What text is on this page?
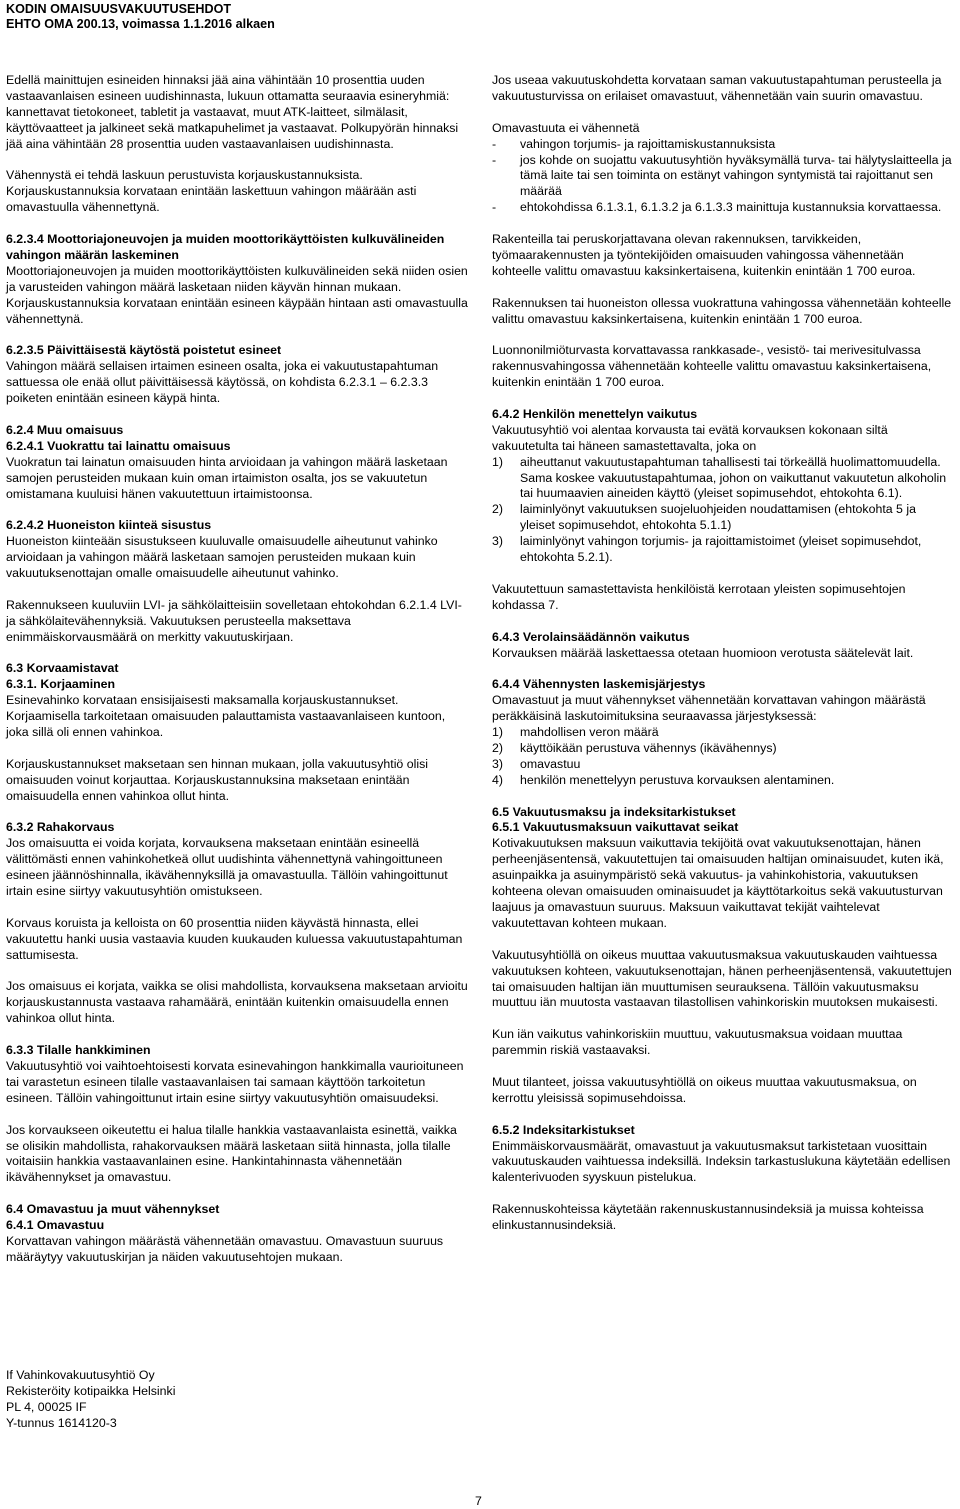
KODIN OMAISUUSVAKUUTUSEHDOT
EHTO OMA 200.13, voimassa 1.1.2016 alkaen

Edellä mainittujen esineiden hinnaksi jää aina vähintään 10 prosenttia uuden vastaavanlaisen esineen uudishinnasta, lukuun ottamatta seuraavia esineryhmiä: kannettavat tietokoneet, tabletit ja vastaavat, muut ATK-laitteet, silmälasit, käyttövaatteet ja jalkineet sekä matkapuhelimet ja vastaavat. Polkupyörän hinnaksi jää aina vähintään 28 prosenttia uuden vastaavanlaisen uudishinnasta.

Vähennystä ei tehdä laskuun perustuvista korjauskustannuksista. Korjauskustannuksia korvataan enintään laskettuun vahingon määrään asti omavastuulla vähennettynä.

6.2.3.4 Moottoriajoneuvojen ja muiden moottorikäyttöisten kulkuvälineiden vahingon määrän laskeminen

Moottoriajoneuvojen ja muiden moottorikäyttöisten kulkuvälineiden sekä niiden osien ja varusteiden vahingon määrä lasketaan niiden käyvän hinnan mukaan. Korjauskustannuksia korvataan enintään esineen käypään hintaan asti omavastuulla vähennettynä.

6.2.3.5 Päivittäisestä käytöstä poistetut esineet

Vahingon määrä sellaisen irtaimen esineen osalta, joka ei vakuutustapahtuman sattuessa ole enää ollut päivittäisessä käytössä, on kohdista 6.2.3.1 – 6.2.3.3 poiketen enintään esineen käypä hinta.

6.2.4 Muu omaisuus
6.2.4.1 Vuokrattu tai lainattu omaisuus

Vuokratun tai lainatun omaisuuden hinta arvioidaan ja vahingon määrä lasketaan samojen perusteiden mukaan kuin oman irtaimiston osalta, jos se vakuutetun omistamana kuuluisi hänen vakuutettuun irtaimistoonsa.

6.2.4.2 Huoneiston kiinteä sisustus

Huoneiston kiinteään sisustukseen kuuluvalle omaisuudelle aiheutunut vahinko arvioidaan ja vahingon määrä lasketaan samojen perusteiden mukaan kuin vakuutuksenottajan omalle omaisuudelle aiheutunut vahinko.

Rakennukseen kuuluviin LVI- ja sähkölaitteisiin sovelletaan ehtokohdan 6.2.1.4 LVI- ja sähkölaitevähennyksiä. Vakuutuksen perusteella maksettava enimmäiskorvausmäärä on merkitty vakuutuskirjaan.

6.3 Korvaamistavat
6.3.1. Korjaaminen

Esinevahinko korvataan ensisijaisesti maksamalla korjauskustannukset. Korjaamisella tarkoitetaan omaisuuden palauttamista vastaavanlaiseen kuntoon, joka sillä oli ennen vahinkoa.

Korjauskustannukset maksetaan sen hinnan mukaan, jolla vakuutusyhtiö olisi omaisuuden voinut korjauttaa. Korjauskustannuksina maksetaan enintään omaisuudella ennen vahinkoa ollut hinta.

6.3.2 Rahakorvaus

Jos omaisuutta ei voida korjata, korvauksena maksetaan enintään esineellä välittömästi ennen vahinkohetkeä ollut uudishinta vähennettynä vahingoittuneen esineen jäännöshinnalla, ikävähennyksillä ja omavastuulla. Tällöin vahingoittunut irtain esine siirtyy vakuutusyhtiön omistukseen.

Korvaus koruista ja kelloista on 60 prosenttia niiden käyvästä hinnasta, ellei vakuutettu hanki uusia vastaavia kuuden kuukauden kuluessa vakuutustapahtuman sattumisesta.

Jos omaisuus ei korjata, vaikka se olisi mahdollista, korvauksena maksetaan arvioitu korjauskustannusta vastaava rahamäärä, enintään kuitenkin omaisuudella ennen vahinkoa ollut hinta.

6.3.3 Tilalle hankkiminen

Vakuutusyhtiö voi vaihtoehtoisesti korvata esinevahingon hankkimalla vaurioituneen tai varastetun esineen tilalle vastaavanlaisen tai samaan käyttöön tarkoitetun esineen. Tällöin vahingoittunut irtain esine siirtyy vakuutusyhtiön omaisuudeksi.

Jos korvaukseen oikeutettu ei halua tilalle hankkia vastaavanlaista esinettä, vaikka se olisikin mahdollista, rahakorvauksen määrä lasketaan siitä hinnasta, jolla tilalle voitaisiin hankkia vastaavanlainen esine. Hankintahinnasta vähennetään ikävähennykset ja omavastuu.

6.4 Omavastuu ja muut vähennykset
6.4.1 Omavastuu

Korvattavan vahingon määrästä vähennetään omavastuu. Omavastuun suuruus määräytyy vakuutuskirjan ja näiden vakuutusehtojen mukaan.

Jos useaa vakuutuskohdetta korvataan saman vakuutustapahtuman perusteella ja vakuutusturvissa on erilaiset omavastuut, vähennetään vain suurin omavastuu.

Omavastuuta ei vähennetä
-	vahingon torjumis- ja rajoittamiskustannuksista
-	jos kohde on suojattu vakuutusyhtiön hyväksymällä turva- tai hälytyslaitteella ja tämä laite tai sen toiminta on estänyt vahingon syntymistä tai rajoittanut sen määrää
-	ehtokohdissa 6.1.3.1, 6.1.3.2 ja 6.1.3.3 mainittuja kustannuksia korvattaessa.

Rakenteilla tai peruskorjattavana olevan rakennuksen, tarvikkeiden, työmaarakennusten ja työntekijöiden omaisuuden vahingossa vähennetään kohteelle valittu omavastuu kaksinkertaisena, kuitenkin enintään 1 700 euroa.

Rakennuksen tai huoneiston ollessa vuokrattuna vahingossa vähennetään kohteelle valittu omavastuu kaksinkertaisena, kuitenkin enintään 1 700 euroa.

Luonnonilmiöturvasta korvattavassa rankkasade-, vesistö- tai merivesitulvassa rakennusvahingossa vähennetään kohteelle valittu omavastuu kaksinkertaisena, kuitenkin enintään 1 700 euroa.

6.4.2 Henkilön menettelyn vaikutus
Vakuutusyhtiö voi alentaa korvausta tai evätä korvauksen kokonaan siltä vakuutetulta tai häneen samastettavalta, joka on
1)	aiheuttanut vakuutustapahtuman tahallisesti tai törkeällä huolimattomuudella. Sama koskee vakuutustapahtumaa, johon on vaikuttanut vakuutetun alkoholin tai huumaavien aineiden käyttö (yleiset sopimusehdot, ehtokohta 6.1).
2)	laiminlyönyt vakuutuksen suojeluohjeiden noudattamisen (ehtokohta 5 ja yleiset sopimusehdot, ehtokohta 5.1.1)
3)	laiminlyönyt vahingon torjumis- ja rajoittamistoimet (yleiset sopimusehdot, ehtokohta 5.2.1).

Vakuutettuun samastettavista henkilöistä kerrotaan yleisten sopimusehtojen kohdassa 7.

6.4.3 Verolainsäädännön vaikutus

Korvauksen määrää laskettaessa otetaan huomioon verotusta säätelevät lait.

6.4.4 Vähennysten laskemisjärjestys
Omavastuut ja muut vähennykset vähennetään korvattavan vahingon määrästä peräkkäisinä laskutoimituksina seuraavassa järjestyksessä:
1)	mahdollisen veron määrä
2)	käyttöikään perustuva vähennys (ikävähennys)
3)	omavastuu
4)	henkilön menettelyyn perustuva korvauksen alentaminen.
6.5 Vakuutusmaksu ja indeksitarkistukset
6.5.1 Vakuutusmaksuun vaikuttavat seikat

Kotivakuutuksen maksuun vaikuttavia tekijöitä ovat vakuutuksenottajan, hänen perheenjäsentensä, vakuutettujen tai omaisuuden haltijan ominaisuudet, kuten ikä, asuinpaikka ja asuinympäristö sekä vakuutus- ja vahinkohistoria, vakuutuksen kohteena olevan omaisuuden ominaisuudet ja käyttötarkoitus sekä vakuutusturvan laajuus ja omavastuun suuruus. Maksuun vaikuttavat tekijät vaihtelevat vakuutettavan kohteen mukaan.

Vakuutusyhtiöllä on oikeus muuttaa vakuutusmaksua vakuutuskauden vaihtuessa vakuutuksen kohteen, vakuutuksenottajan, hänen perheenjäsentensä, vakuutettujen tai omaisuuden haltijan iän muuttumisen seurauksena. Tällöin vakuutusmaksu muuttuu iän muutosta vastaavan tilastollisen vahinkoriskin muutoksen mukaisesti.

Kun iän vaikutus vahinkoriskiin muuttuu, vakuutusmaksua voidaan muuttaa paremmin riskiä vastaavaksi.

Muut tilanteet, joissa vakuutusyhtiöllä on oikeus muuttaa vakuutusmaksua, on kerrottu yleisissä sopimusehdoissa.

6.5.2 Indeksitarkistukset

Enimmäiskorvausmäärät, omavastuut ja vakuutusmaksut tarkistetaan vuosittain vakuutuskauden vaihtuessa indeksillä. Indeksin tarkastuslukuna käytetään edellisen kalenterivuoden syyskuun pistelukua.

Rakennuskohteissa käytetään rakennuskustannusindeksiä ja muissa kohteissa elinkustannusindeksiä.

If Vahinkovakuutusyhtiö Oy
Rekisteröity kotipaikka Helsinki
PL 4, 00025 IF
Y-tunnus 1614120-3
7
